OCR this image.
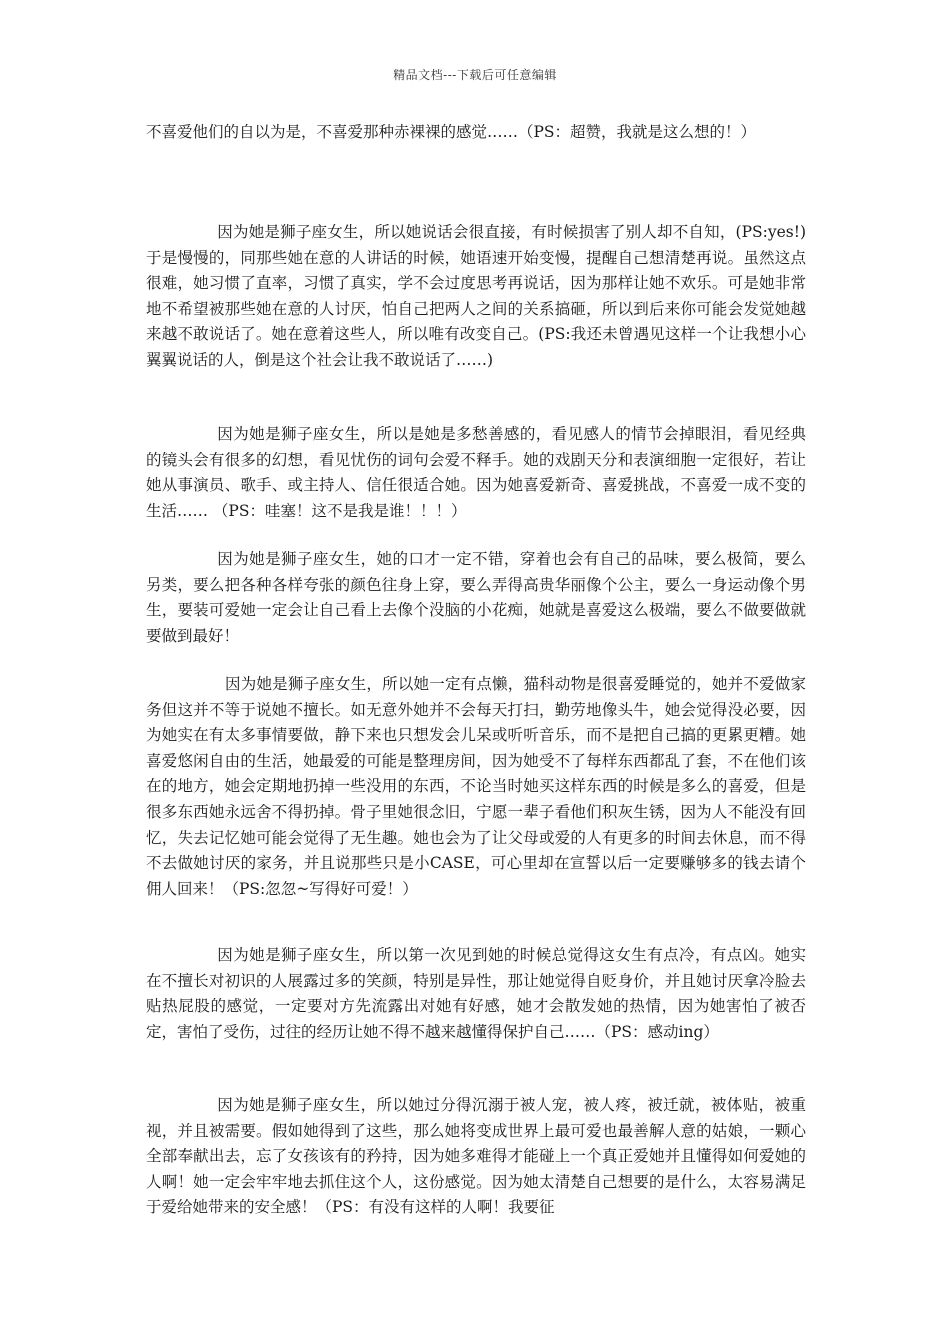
精品文档---下载后可任意编辑

不喜爱他们的自以为是，不喜爱那种赤裸裸的感觉……（PS：超赞，我就是这么想的！）

因为她是狮子座女生，所以她说话会很直接，有时候损害了别人却不自知，(PS:yes!)于是慢慢的，同那些她在意的人讲话的时候，她语速开始变慢，提醒自己想清楚再说。虽然这点很难，她习惯了直率，习惯了真实，学不会过度思考再说话，因为那样让她不欢乐。可是她非常地不希望被那些她在意的人讨厌，怕自己把两人之间的关系搞砸，所以到后来你可能会发觉她越来越不敢说话了。她在意着这些人，所以唯有改变自己。(PS:我还未曾遇见这样一个让我想小心翼翼说话的人，倒是这个社会让我不敢说话了……)

因为她是狮子座女生，所以是她是多愁善感的，看见感人的情节会掉眼泪，看见经典的镜头会有很多的幻想，看见忧伤的词句会爱不释手。她的戏剧天分和表演细胞一定很好，若让她从事演员、歌手、或主持人、信任很适合她。因为她喜爱新奇、喜爱挑战，不喜爱一成不变的生活…… （PS：哇塞！这不是我是谁！！！）

因为她是狮子座女生，她的口才一定不错，穿着也会有自己的品味，要么极简，要么另类，要么把各种各样夸张的颜色往身上穿，要么弄得高贵华丽像个公主，要么一身运动像个男生，要装可爱她一定会让自己看上去像个没脑的小花痴，她就是喜爱这么极端，要么不做要做就要做到最好！

因为她是狮子座女生，所以她一定有点懒，猫科动物是很喜爱睡觉的，她并不爱做家务但这并不等于说她不擅长。如无意外她并不会每天打扫，勤劳地像头牛，她会觉得没必要，因为她实在有太多事情要做，静下来也只想发会儿呆或听听音乐，而不是把自己搞的更累更糟。她喜爱悠闲自由的生活，她最爱的可能是整理房间，因为她受不了每样东西都乱了套，不在他们该在的地方，她会定期地扔掉一些没用的东西，不论当时她买这样东西的时候是多么的喜爱，但是很多东西她永远舍不得扔掉。骨子里她很念旧，宁愿一辈子看他们积灰生锈，因为人不能没有回忆，失去记忆她可能会觉得了无生趣。她也会为了让父母或爱的人有更多的时间去休息，而不得不去做她讨厌的家务，并且说那些只是小CASE，可心里却在宣誓以后一定要赚够多的钱去请个佣人回来！（PS:忽忽~写得好可爱！）

因为她是狮子座女生，所以第一次见到她的时候总觉得这女生有点冷，有点凶。她实在不擅长对初识的人展露过多的笑颜，特别是异性，那让她觉得自贬身价，并且她讨厌拿冷脸去贴热屁股的感觉，一定要对方先流露出对她有好感，她才会散发她的热情，因为她害怕了被否定，害怕了受伤，过往的经历让她不得不越来越懂得保护自己……（PS：感动ing）

因为她是狮子座女生，所以她过分得沉溺于被人宠，被人疼，被迁就，被体贴，被重视，并且被需要。假如她得到了这些，那么她将变成世界上最可爱也最善解人意的姑娘，一颗心全部奉献出去，忘了女孩该有的矜持，因为她多难得才能碰上一个真正爱她并且懂得如何爱她的人啊！她一定会牢牢地去抓住这个人，这份感觉。因为她太清楚自己想要的是什么，太容易满足于爱给她带来的安全感！（PS：有没有这样的人啊！我要征
